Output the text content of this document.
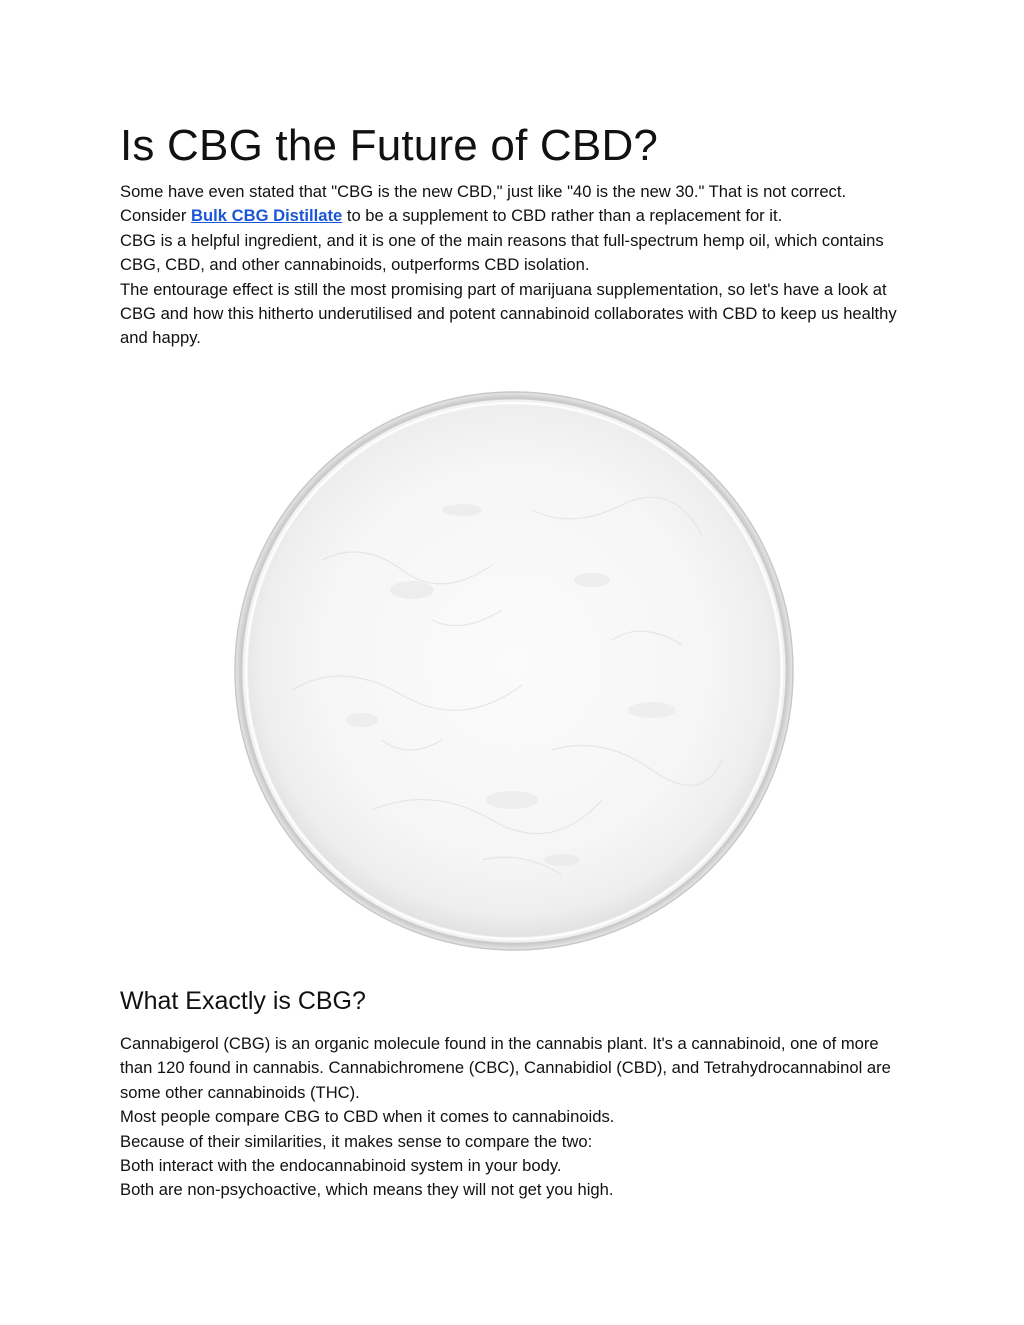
Is CBG the Future of CBD?

Some have even stated that "CBG is the new CBD," just like "40 is the new 30." That is not correct. Consider Bulk CBG Distillate to be a supplement to CBD rather than a replacement for it.

CBG is a helpful ingredient, and it is one of the main reasons that full-spectrum hemp oil, which contains CBG, CBD, and other cannabinoids, outperforms CBD isolation.

The entourage effect is still the most promising part of marijuana supplementation, so let's have a look at CBG and how this hitherto underutilised and potent cannabinoid collaborates with CBD to keep us healthy and happy.

What Exactly is CBG?

Cannabigerol (CBG) is an organic molecule found in the cannabis plant. It's a cannabinoid, one of more than 120 found in cannabis. Cannabichromene (CBC), Cannabidiol (CBD), and Tetrahydrocannabinol are some other cannabinoids (THC).

Most people compare CBG to CBD when it comes to cannabinoids.

Because of their similarities, it makes sense to compare the two:

Both interact with the endocannabinoid system in your body.

Both are non-psychoactive, which means they will not get you high.
